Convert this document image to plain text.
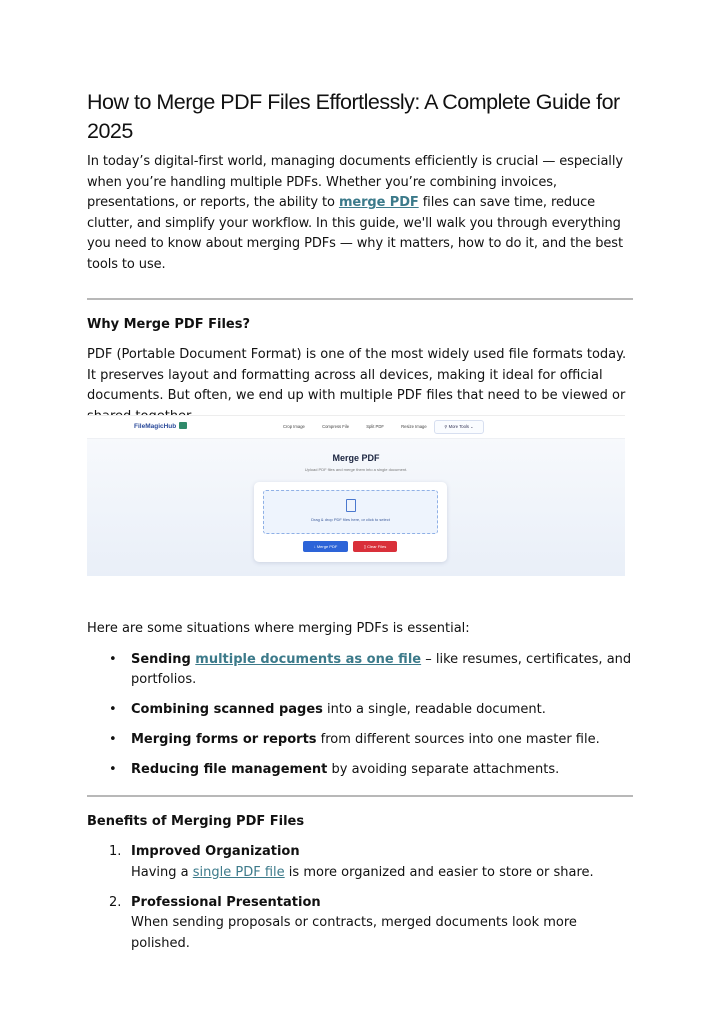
How to Merge PDF Files Effortlessly: A Complete Guide for 2025

In today’s digital-first world, managing documents efficiently is crucial — especially when you’re handling multiple PDFs. Whether you’re combining invoices, presentations, or reports, the ability to merge PDF files can save time, reduce clutter, and simplify your workflow. In this guide, we'll walk you through everything you need to know about merging PDFs — why it matters, how to do it, and the best tools to use.

Why Merge PDF Files?

PDF (Portable Document Format) is one of the most widely used file formats today. It preserves layout and formatting across all devices, making it ideal for official documents. But often, we end up with multiple PDF files that need to be viewed or

Here are some situations where merging PDFs is essential:

• Sending multiple documents as one file – like resumes, certificates, and portfolios.
• Combining scanned pages into a single, readable document.
• Merging forms or reports from different sources into one master file.
• Reducing file management by avoiding separate attachments.
Benefits of Merging PDF Files
1. Improved Organization
Having a single PDF file is more organized and easier to store or share.
2. Professional Presentation
When sending proposals or contracts, merged documents look more polished.
FileMagicHub	Crop Image	Compress File	Split PDF	Resize Image	⚲ More Tools ⌄
Merge PDF
Upload PDF files and merge them into a single document.
Drag & drop PDF files here, or click to select
↓ Merge PDF	▯ Clear Files
